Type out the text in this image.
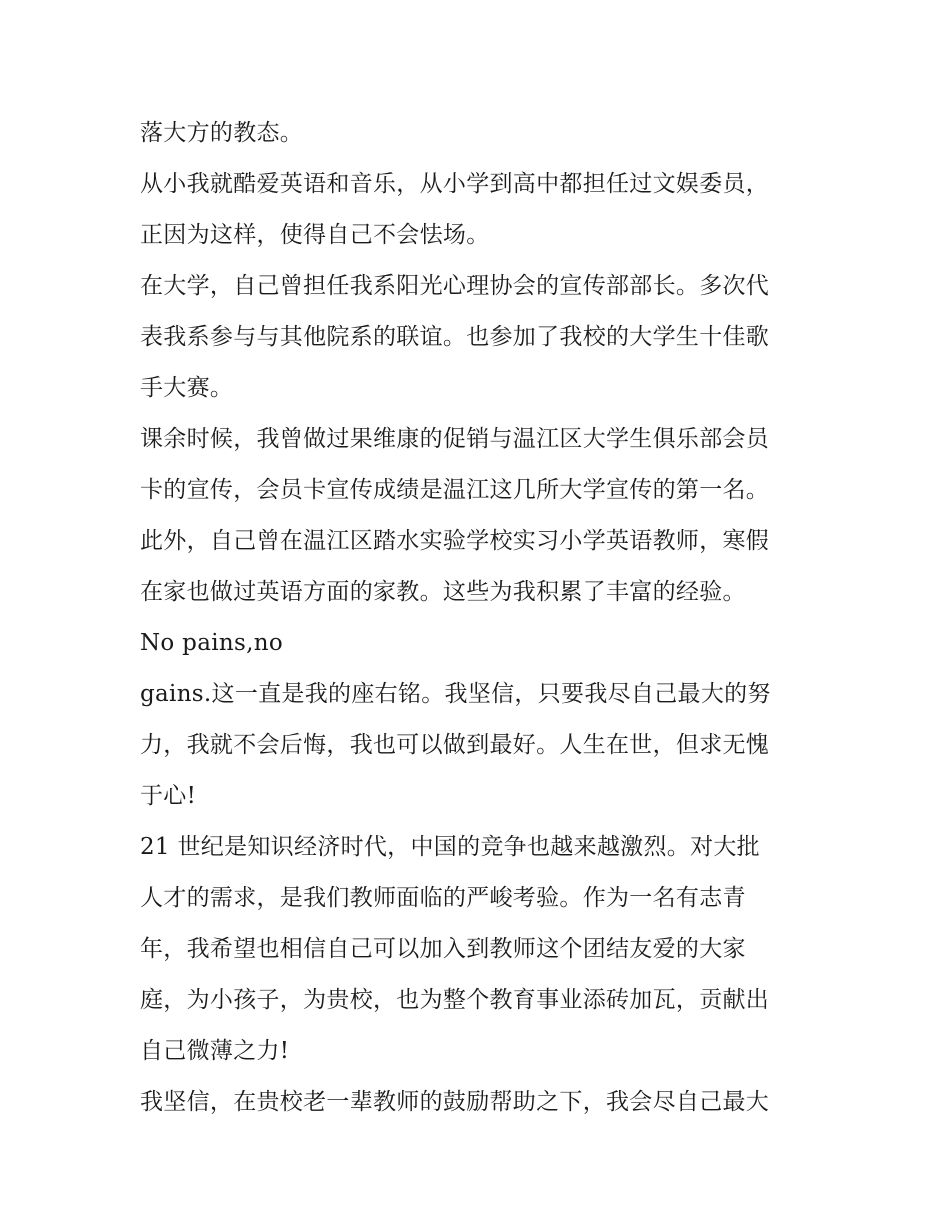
落大方的教态。
从小我就酷爱英语和音乐，从小学到高中都担任过文娱委员，
正因为这样，使得自己不会怯场。
在大学，自己曾担任我系阳光心理协会的宣传部部长。多次代
表我系参与与其他院系的联谊。也参加了我校的大学生十佳歌
手大赛。
课余时候，我曾做过果维康的促销与温江区大学生俱乐部会员
卡的宣传，会员卡宣传成绩是温江这几所大学宣传的第一名。
此外，自己曾在温江区踏水实验学校实习小学英语教师，寒假
在家也做过英语方面的家教。这些为我积累了丰富的经验。
No pains,no
gains.这一直是我的座右铭。我坚信，只要我尽自己最大的努
力，我就不会后悔，我也可以做到最好。人生在世，但求无愧
于心!
21 世纪是知识经济时代，中国的竞争也越来越激烈。对大批
人才的需求，是我们教师面临的严峻考验。作为一名有志青
年，我希望也相信自己可以加入到教师这个团结友爱的大家
庭，为小孩子，为贵校，也为整个教育事业添砖加瓦，贡献出
自己微薄之力!
我坚信，在贵校老一辈教师的鼓励帮助之下，我会尽自己最大
